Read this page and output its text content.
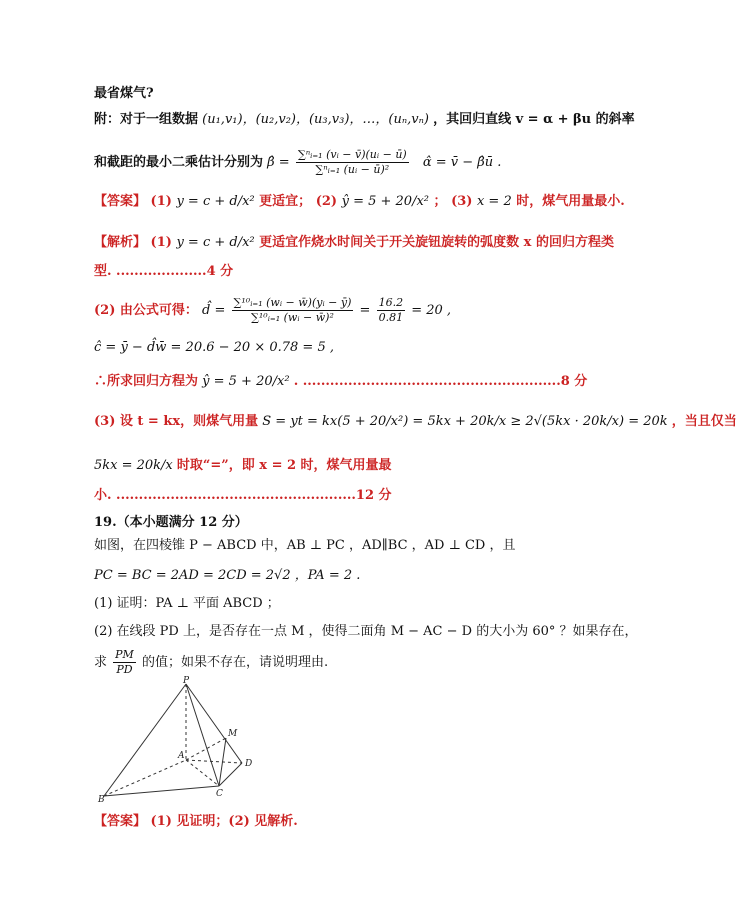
最省煤气?
附：对于一组数据 (u₁,v₁)，(u₂,v₂)，(u₃,v₃)，…，(uₙ,vₙ) ，其回归直线 v = α + βu 的斜率
和截距的最小二乘估计分别为 β̂ = $\frac{\text{∑ⁿᵢ₌₁ (vᵢ − v̄)(uᵢ − ū)}}{\text{∑ⁿᵢ₌₁ (uᵢ − ū)²}}$ α̂ = v̄ − β̂ū .
【答案】 (1) y = c + d/x² 更适宜； (2) ŷ = 5 + 20/x² ； (3) x = 2 时，煤气用量最小.
【解析】 (1) y = c + d/x² 更适宜作烧水时间关于开关旋钮旋转的弧度数 x 的回归方程类
型. ....................4 分
(2) 由公式可得： d̂ = $\frac{\text{∑¹⁰ᵢ₌₁ (wᵢ − w̄)(yᵢ − ȳ)}}{\text{∑¹⁰ᵢ₌₁ (wᵢ − w̄)²}} = \frac{16.2}{0.81} = 20$ ,
ĉ = ȳ − d̂w̄ = 20.6 − 20 × 0.78 = 5 ,
∴所求回归方程为 ŷ = 5 + 20/x² . .........................................................8 分
(3) 设 t = kx，则煤气用量 S = yt = kx(5 + 20/x²) = 5kx + 20k/x ≥ 2√(5kx · 20k/x) = 20k ，当且仅当
5kx = 20k/x 时取“=”，即 x = 2 时，煤气用量最
小. .....................................................12 分
19.（本小题满分 12 分）
如图，在四棱锥 P − ABCD 中，AB ⊥ PC ，AD∥BC ，AD ⊥ CD ，且
PC = BC = 2AD = 2CD = 2√2 ，PA = 2 .
(1) 证明：PA ⊥ 平面 ABCD ；
(2) 在线段 PD 上，是否存在一点 M ，使得二面角 M − AC − D 的大小为 60° ？如果存在，
求 $\frac{PM}{PD}$ 的值；如果不存在，请说明理由.
P
A
B
C
D
M
【答案】 (1) 见证明；(2) 见解析.
